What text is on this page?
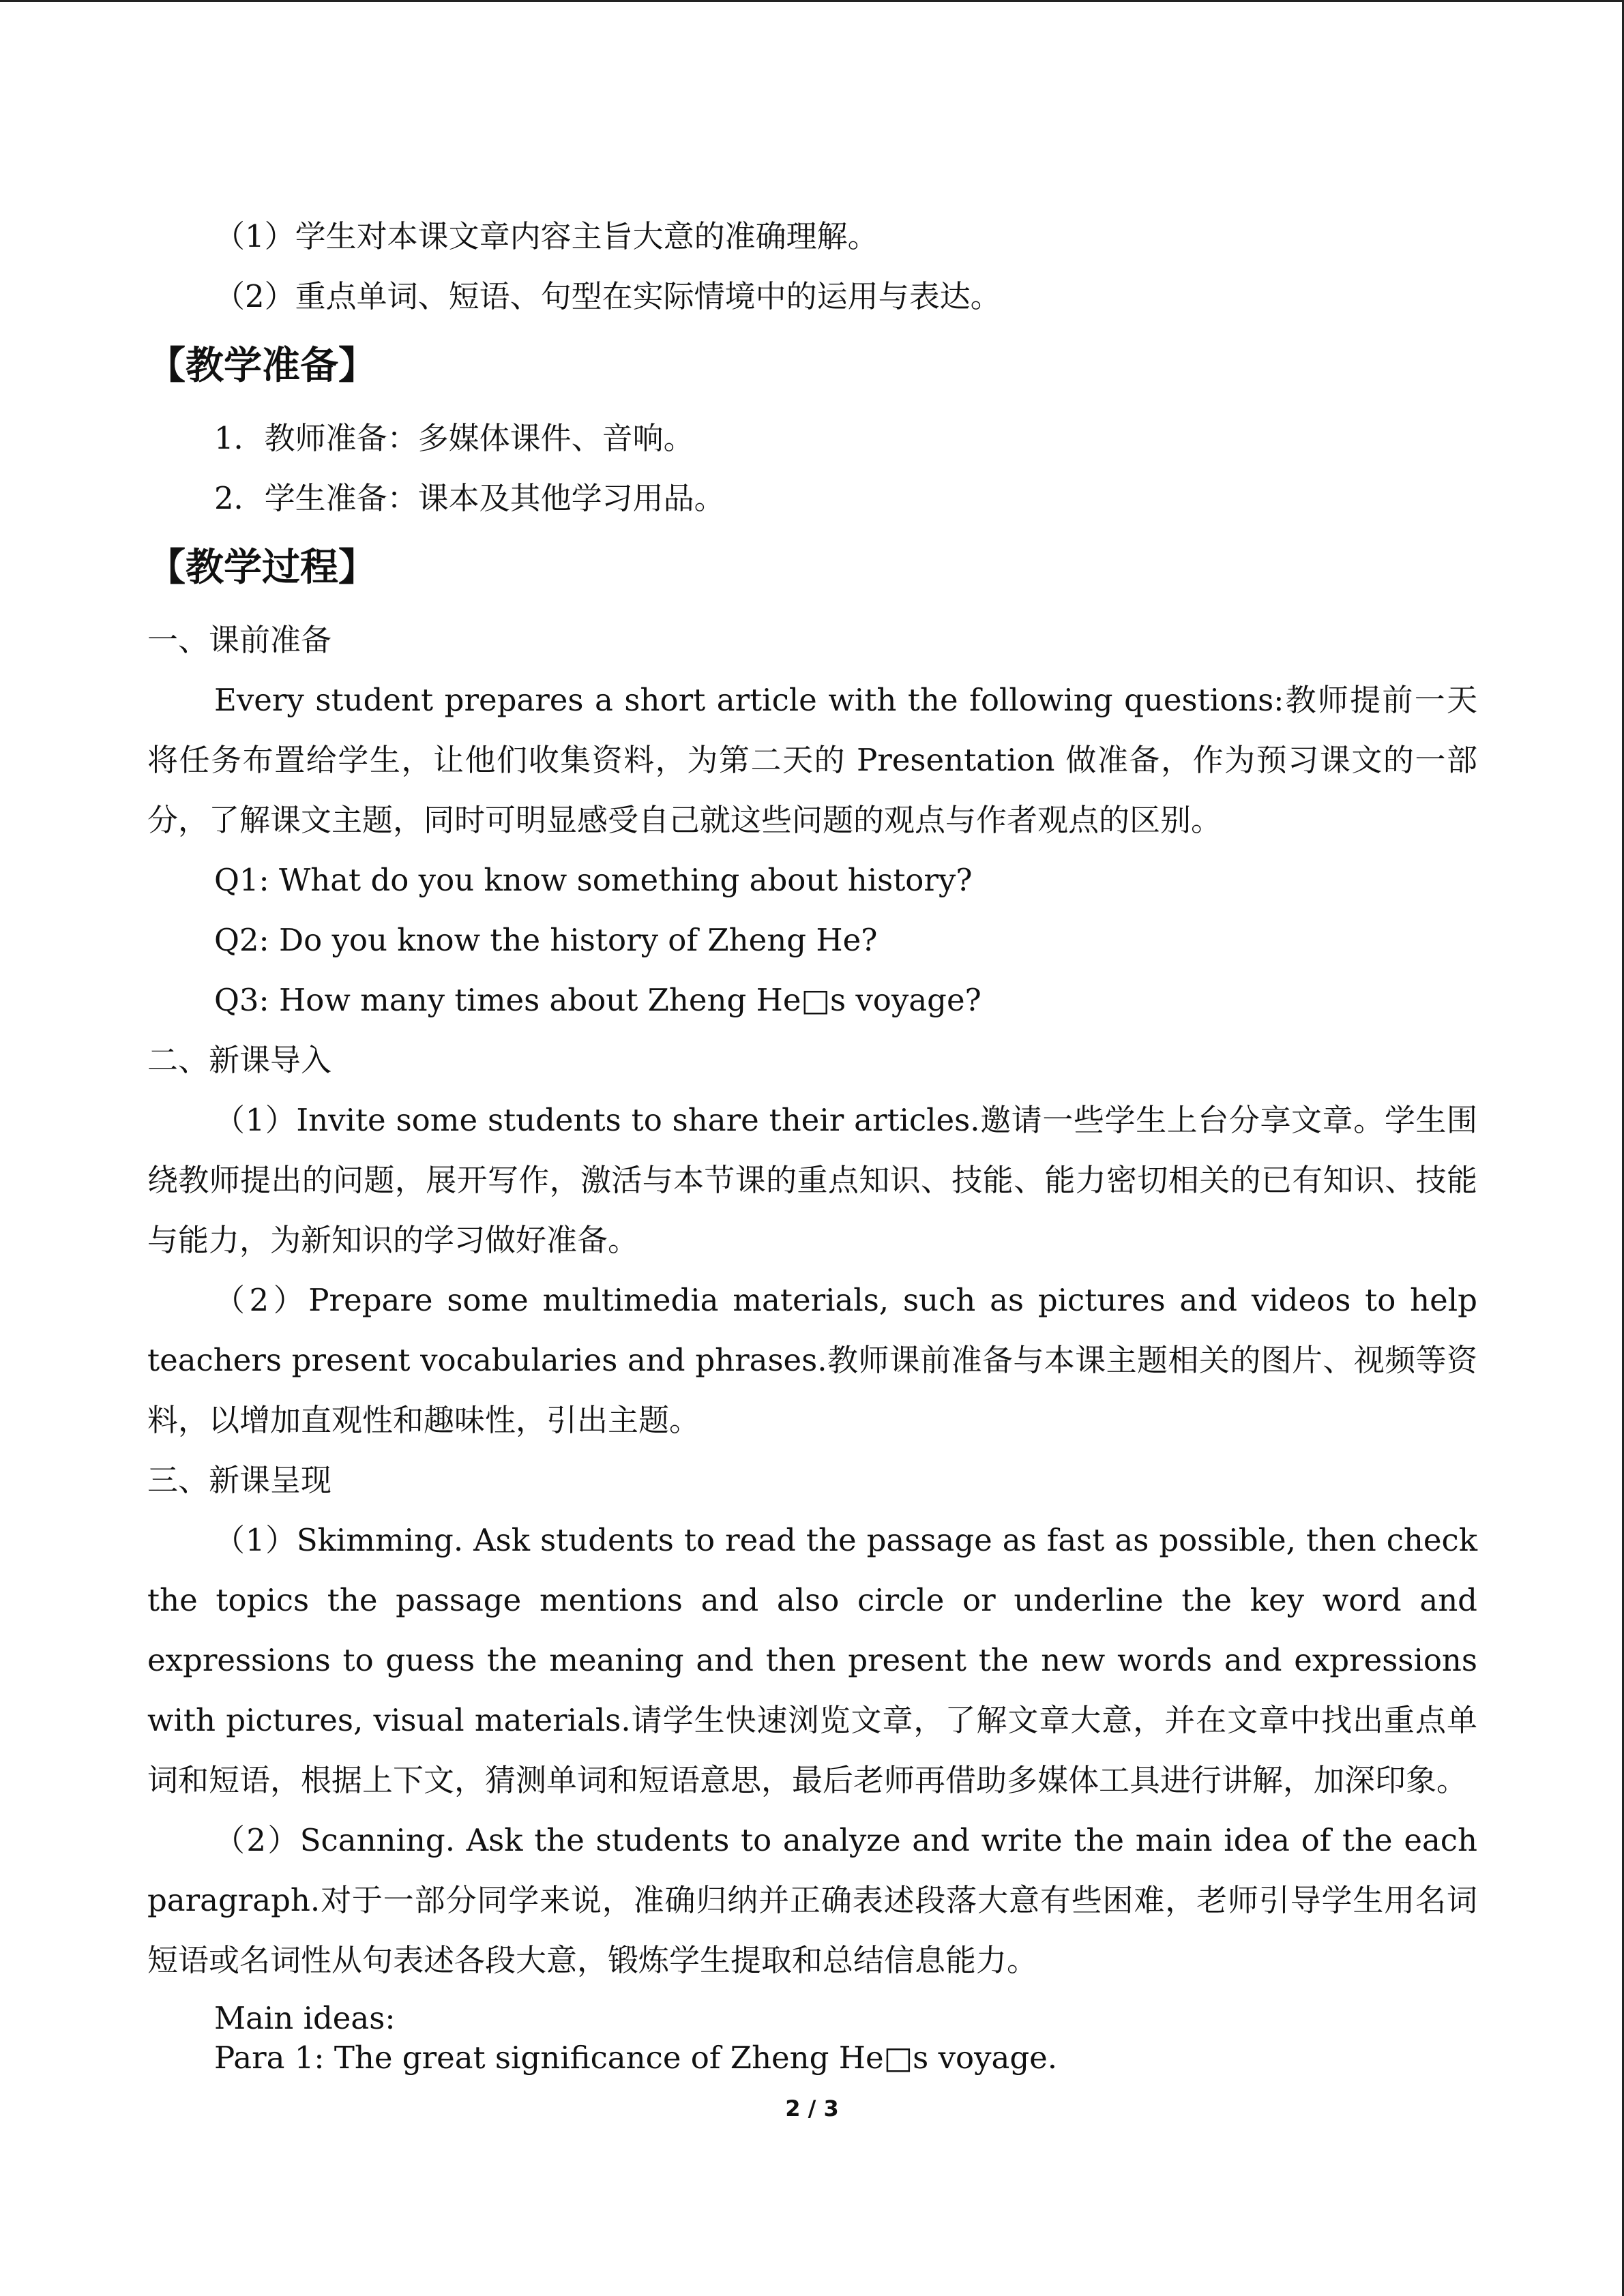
（1）学生对本课文章内容主旨大意的准确理解。

（2）重点单词、短语、句型在实际情境中的运用与表达。

【教学准备】

1．教师准备：多媒体课件、音响。

2．学生准备：课本及其他学习用品。

【教学过程】

一、课前准备

Every student prepares a short article with the following questions:教师提前一天将任务布置给学生，让他们收集资料，为第二天的 Presentation 做准备，作为预习课文的一部分，了解课文主题，同时可明显感受自己就这些问题的观点与作者观点的区别。

Q1: What do you know something about history?

Q2: Do you know the history of Zheng He?

Q3: How many times about Zheng He□s voyage?

二、新课导入

（1）Invite some students to share their articles.邀请一些学生上台分享文章。学生围绕教师提出的问题，展开写作，激活与本节课的重点知识、技能、能力密切相关的已有知识、技能与能力，为新知识的学习做好准备。

（2）Prepare some multimedia materials, such as pictures and videos to help teachers present vocabularies and phrases.教师课前准备与本课主题相关的图片、视频等资料，以增加直观性和趣味性，引出主题。

三、新课呈现

（1）Skimming. Ask students to read the passage as fast as possible, then check the topics the passage mentions and also circle or underline the key word and expressions to guess the meaning and then present the new words and expressions with pictures, visual materials.请学生快速浏览文章，了解文章大意，并在文章中找出重点单词和短语，根据上下文，猜测单词和短语意思，最后老师再借助多媒体工具进行讲解，加深印象。

（2）Scanning. Ask the students to analyze and write the main idea of the each paragraph.对于一部分同学来说，准确归纳并正确表述段落大意有些困难，老师引导学生用名词短语或名词性从句表述各段大意，锻炼学生提取和总结信息能力。

Main ideas:

Para 1: The great significance of Zheng He□s voyage.

2 / 3
